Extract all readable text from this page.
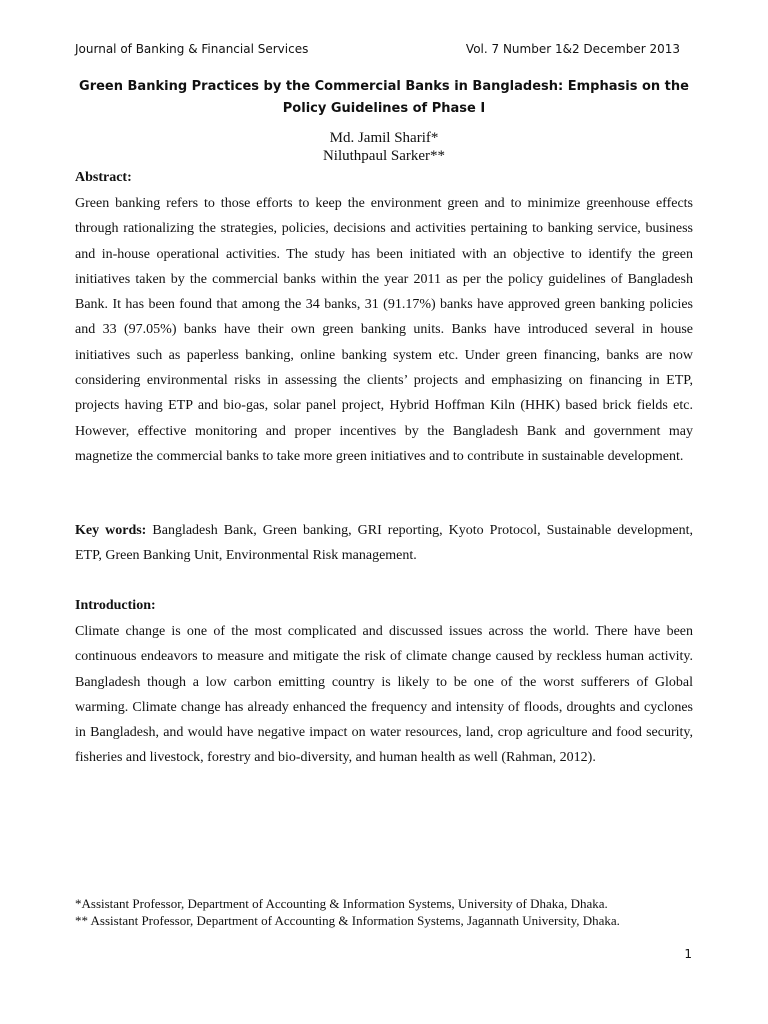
Journal of Banking & Financial Services	Vol. 7 Number 1&2 December 2013
Green Banking Practices by the Commercial Banks in Bangladesh: Emphasis on the Policy Guidelines of Phase I
Md. Jamil Sharif*
Niluthpaul Sarker**
Abstract:
Green banking refers to those efforts to keep the environment green and to minimize greenhouse effects through rationalizing the strategies, policies, decisions and activities pertaining to banking service, business and in-house operational activities. The study has been initiated with an objective to identify the green initiatives taken by the commercial banks within the year 2011 as per the policy guidelines of Bangladesh Bank. It has been found that among the 34 banks, 31 (91.17%) banks have approved green banking policies and 33 (97.05%) banks have their own green banking units. Banks have introduced several in house initiatives such as paperless banking, online banking system etc. Under green financing, banks are now considering environmental risks in assessing the clients’ projects and emphasizing on financing in ETP, projects having ETP and bio-gas, solar panel project, Hybrid Hoffman Kiln (HHK) based brick fields etc. However, effective monitoring and proper incentives by the Bangladesh Bank and government may magnetize the commercial banks to take more green initiatives and to contribute in sustainable development.
Key words: Bangladesh Bank, Green banking, GRI reporting, Kyoto Protocol, Sustainable development, ETP, Green Banking Unit, Environmental Risk management.
Introduction:
Climate change is one of the most complicated and discussed issues across the world. There have been continuous endeavors to measure and mitigate the risk of climate change caused by reckless human activity. Bangladesh though a low carbon emitting country is likely to be one of the worst sufferers of Global warming. Climate change has already enhanced the frequency and intensity of floods, droughts and cyclones in Bangladesh, and would have negative impact on water resources, land, crop agriculture and food security, fisheries and livestock, forestry and bio-diversity, and human health as well (Rahman, 2012).
*Assistant Professor, Department of Accounting & Information Systems, University of Dhaka, Dhaka.
** Assistant Professor, Department of Accounting & Information Systems, Jagannath University, Dhaka.
1
